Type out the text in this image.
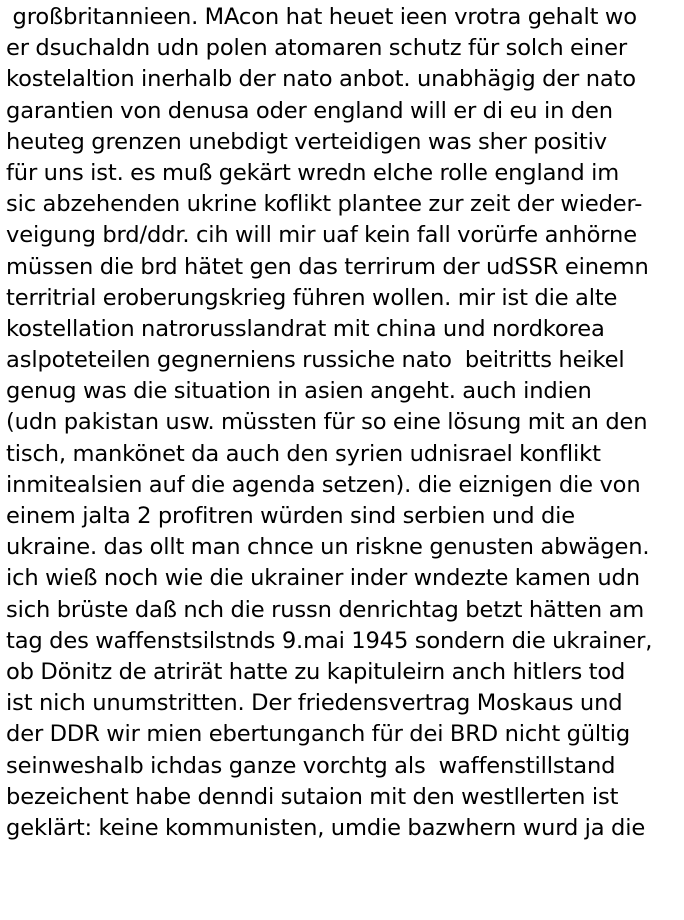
großbritannieen. MAcon hat heuet ieen vrotra gehalt wo
er dsuchaldn udn polen atomaren schutz für solch einer
kostelaltion inerhalb der nato anbot. unabhägig der nato
garantien von denusa oder england will er di eu in den
heuteg grenzen unebdigt verteidigen was sher positiv
für uns ist. es muß gekärt wredn elche rolle england im
sic abzehenden ukrine koflikt plantee zur zeit der wieder-
veigung brd/ddr. cih will mir uaf kein fall vorürfe anhörne
müssen die brd hätet gen das terrirum der udSSR einemn
territrial eroberungskrieg führen wollen. mir ist die alte
kostellation natrorusslandrat mit china und nordkorea
aslpoteteilen gegnerniens russiche nato  beitritts heikel
genug was die situation in asien angeht. auch indien
(udn pakistan usw. müssten für so eine lösung mit an den
tisch, mankönet da auch den syrien udnisrael konflikt
inmitealsien auf die agenda setzen). die eiznigen die von
einem jalta 2 profitren würden sind serbien und die
ukraine. das ollt man chnce un riskne genusten abwägen.
ich wieß noch wie die ukrainer inder wndezte kamen udn
sich brüste daß nch die russn denrichtag betzt hätten am
tag des waffenstsilstnds 9.mai 1945 sondern die ukrainer,
ob Dönitz de atrirät hatte zu kapituleirn anch hitlers tod
ist nich unumstritten. Der friedensvertrag Moskaus und
der DDR wir mien ebertunganch für dei BRD nicht gültig
seinweshalb ichdas ganze vorchtg als  waffenstillstand
bezeichent habe denndi sutaion mit den westllerten ist
geklärt: keine kommunisten, umdie bazwhern wurd ja die
